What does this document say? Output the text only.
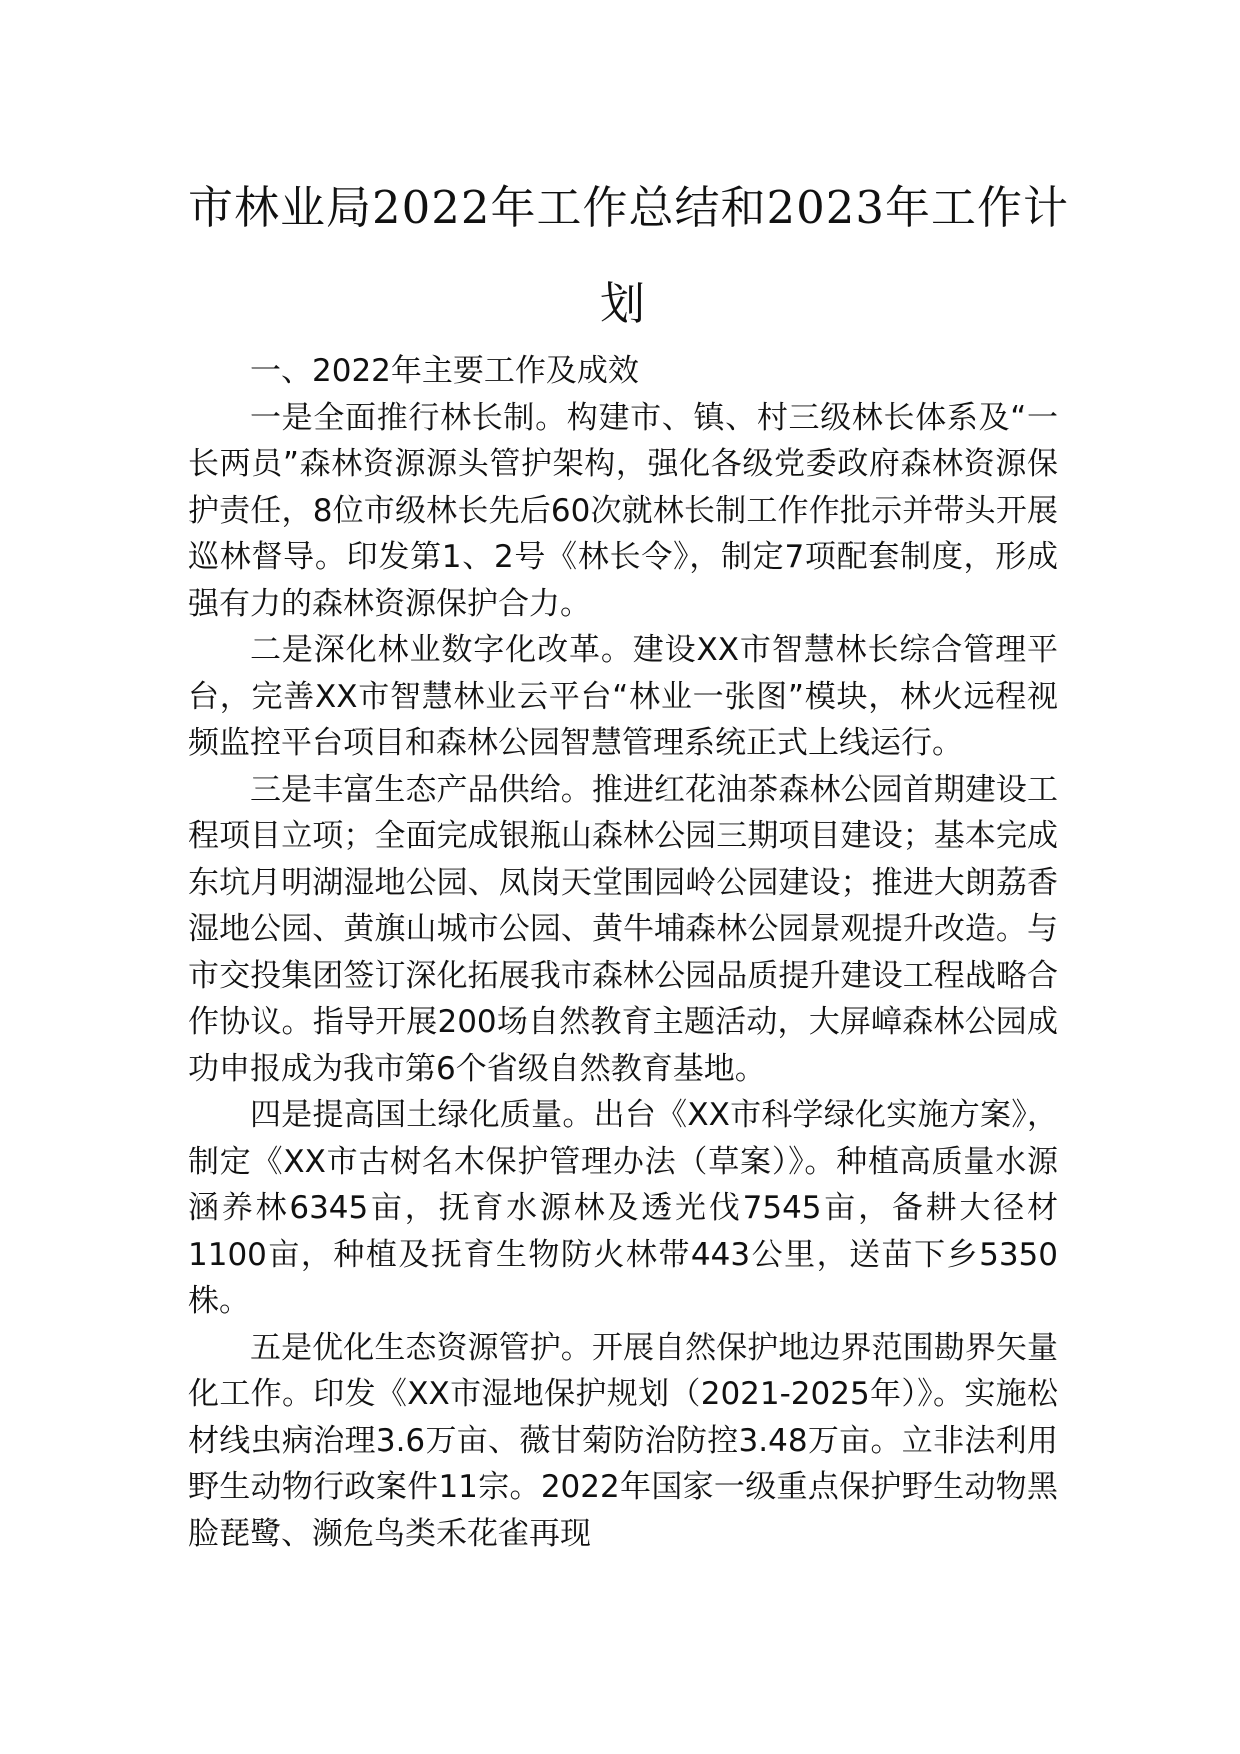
市林业局2022年工作总结和2023年工作计
划

一、2022年主要工作及成效

一是全面推行林长制。构建市、镇、村三级林长体系及“一长两员”森林资源源头管护架构，强化各级党委政府森林资源保护责任，8位市级林长先后60次就林长制工作作批示并带头开展巡林督导。印发第1、2号《林长令》，制定7项配套制度，形成强有力的森林资源保护合力。

二是深化林业数字化改革。建设XX市智慧林长综合管理平台，完善XX市智慧林业云平台“林业一张图”模块，林火远程视频监控平台项目和森林公园智慧管理系统正式上线运行。

三是丰富生态产品供给。推进红花油茶森林公园首期建设工程项目立项；全面完成银瓶山森林公园三期项目建设；基本完成东坑月明湖湿地公园、凤岗天堂围园岭公园建设；推进大朗荔香湿地公园、黄旗山城市公园、黄牛埔森林公园景观提升改造。与市交投集团签订深化拓展我市森林公园品质提升建设工程战略合作协议。指导开展200场自然教育主题活动，大屏嶂森林公园成功申报成为我市第6个省级自然教育基地。

四是提高国土绿化质量。出台《XX市科学绿化实施方案》，制定《XX市古树名木保护管理办法（草案）》。种植高质量水源涵养林6345亩，抚育水源林及透光伐7545亩，备耕大径材1100亩，种植及抚育生物防火林带443公里，送苗下乡5350株。

五是优化生态资源管护。开展自然保护地边界范围勘界矢量化工作。印发《XX市湿地保护规划（2021-2025年）》。实施松材线虫病治理3.6万亩、薇甘菊防治防控3.48万亩。立非法利用野生动物行政案件11宗。2022年国家一级重点保护野生动物黑脸琵鹭、濒危鸟类禾花雀再现
